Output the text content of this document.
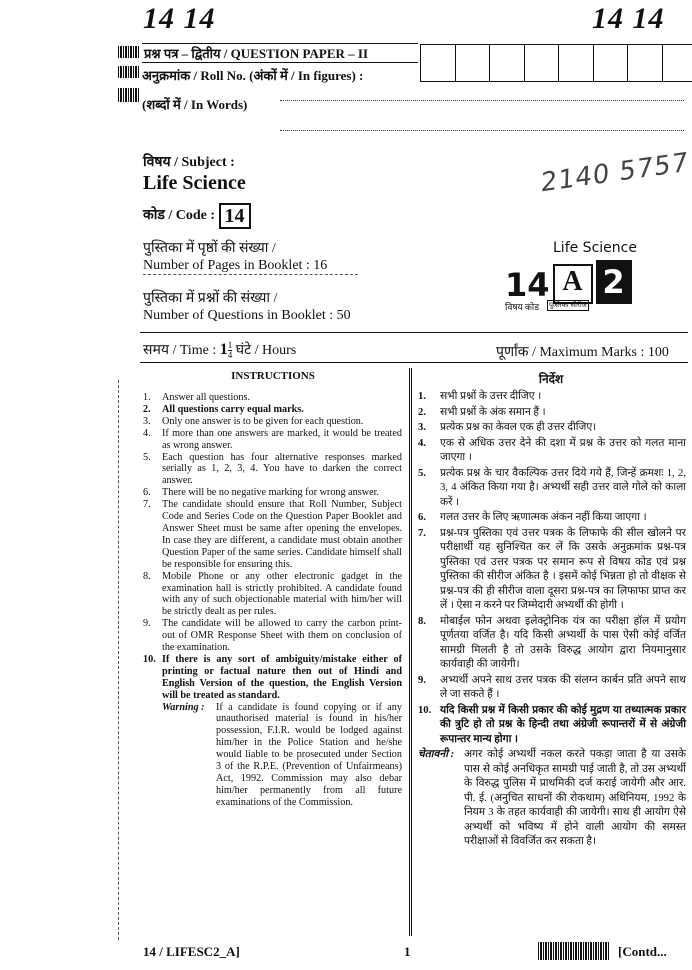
14 14	14 14
प्रश्न पत्र – द्वितीय / QUESTION PAPER – II
अनुक्रमांक / Roll No. (अंकों में / In figures) :
(शब्दों में / In Words)
विषय / Subject :
Life Science
कोड / Code : 14
2140 5757
पुस्तिका में पृष्ठों की संख्या /
Number of Pages in Booklet : 16
पुस्तिका में प्रश्नों की संख्या /
Number of Questions in Booklet : 50
Life Science
14 A 2
विषय कोड पुस्तिका सीरीज
समय / Time : $1 \frac{1}{4}$ घंटे / Hours	पूर्णांक / Maximum Marks : 100
INSTRUCTIONS
1.	Answer all questions.
2.	All questions carry equal marks.
3.	Only one answer is to be given for each question.
4.	If more than one answers are marked, it would be treated as wrong answer.
5.	Each question has four alternative responses marked serially as 1, 2, 3, 4. You have to darken the correct answer.
6.	There will be no negative marking for wrong answer.
7.	The candidate should ensure that Roll Number, Subject Code and Series Code on the Question Paper Booklet and Answer Sheet must be same after opening the envelopes. In case they are different, a candidate must obtain another Question Paper of the same series. Candidate himself shall be responsible for ensuring this.
8.	Mobile Phone or any other electronic gadget in the examination hall is strictly prohibited. A candidate found with any of such objectionable material with him/her will be strictly dealt as per rules.
9.	The candidate will be allowed to carry the carbon print-out of OMR Response Sheet with them on conclusion of the examination.
10. If there is any sort of ambiguity/mistake either of printing or factual nature then out of Hindi and English Version of the question, the English Version will be treated as standard.
Warning :	If a candidate is found copying or if any unauthorised material is found in his/her possession, F.I.R. would be lodged against him/her in the Police Station and he/she would liable to be prosecuted under Section 3 of the R.P.E. (Prevention of Unfairmeans) Act, 1992. Commission may also debar him/her permanently from all future examinations of the Commission.
निर्देश
1.	सभी प्रश्नों के उत्तर दीजिए ।
2.	सभी प्रश्नों के अंक समान हैं ।
3.	प्रत्येक प्रश्न का केवल एक ही उत्तर दीजिए।
4.	एक से अधिक उत्तर देने की दशा में प्रश्न के उत्तर को गलत माना जाएगा ।
5.	प्रत्येक प्रश्न के चार वैकल्पिक उत्तर दिये गये हैं, जिन्हें क्रमशः 1, 2, 3, 4 अंकित किया गया है। अभ्यर्थी सही उत्तर वाले गोले को काला करें ।
6.	गलत उत्तर के लिए ऋणात्मक अंकन नहीं किया जाएगा ।
7.	प्रश्न-पत्र पुस्तिका एवं उत्तर पत्रक के लिफाफे की सील खोलने पर परीक्षार्थी यह सुनिश्चित कर लें कि उसके अनुक्रमांक प्रश्न-पत्र पुस्तिका एवं उत्तर पत्रक पर समान रूप से विषय कोड एवं प्रश्न पुस्तिका की सीरीज अंकित है । इसमें कोई भिन्नता हो तो वीक्षक से प्रश्न-पत्र की ही सीरीज वाला दूसरा प्रश्न-पत्र का लिफाफा प्राप्त कर लें । ऐसा न करने पर जिम्मेदारी अभ्यर्थी की होगी ।
8.	मोबाईल फोन अथवा इलेक्ट्रोनिक यंत्र का परीक्षा हॉल में प्रयोग पूर्णतया वर्जित है। यदि किसी अभ्यर्थी के पास ऐसी कोई वर्जित सामग्री मिलती है तो उसके विरुद्ध आयोग द्वारा नियमानुसार कार्यवाही की जायेगी।
9.	अभ्यर्थी अपने साथ उत्तर पत्रक की संलग्न कार्बन प्रति अपने साथ ले जा सकते हैं ।
10. यदि किसी प्रश्न में किसी प्रकार की कोई मुद्रण या तथ्यात्मक प्रकार की त्रुटि हो तो प्रश्न के हिन्दी तथा अंग्रेजी रूपान्तरों में से अंग्रेजी रूपान्तर मान्य होगा ।
चेतावनी : अगर कोई अभ्यर्थी नकल करते पकड़ा जाता है या उसके पास से कोई अनधिकृत सामग्री पाई जाती है, तो उस अभ्यर्थी के विरुद्ध पुलिस में प्राथमिकी दर्ज कराई जायेगी और आर. पी. ई. (अनुचित साधनों की रोकथाम) अधिनियम, 1992 के नियम 3 के तहत कार्यवाही की जायेगी। साथ ही आयोग ऐसे अभ्यर्थी को भविष्य में होने वाली आयोग की समस्त परीक्षाओं से विवर्जित कर सकता है।
14 / LIFESC2_A]	1	[Contd...
